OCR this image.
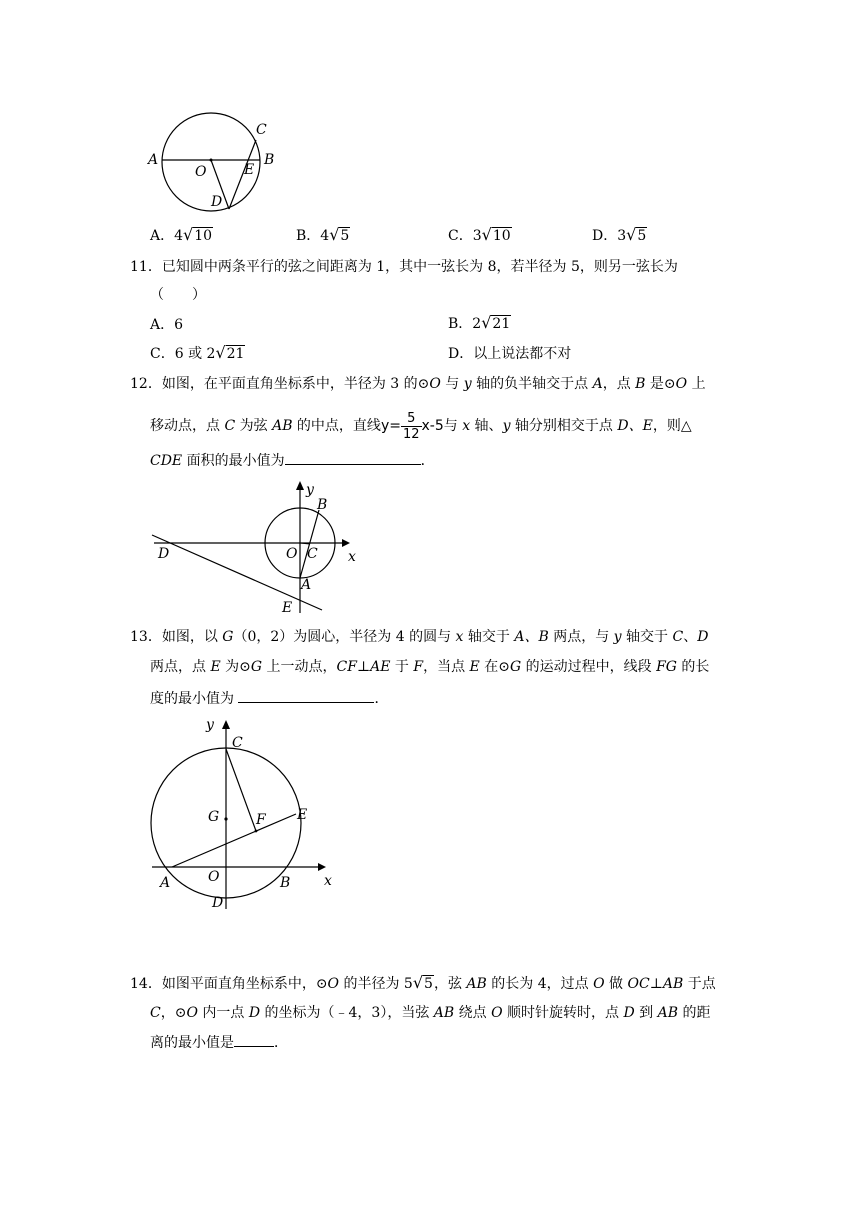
A
O
C
B
E
D
A．4√10	B．4√5	C．3√10	D．3√5
11．已知圆中两条平行的弦之间距离为 1，其中一弦长为 8，若半径为 5，则另一弦长为
（　　）
A．6	B．2√21
C．6 或 2√21	D．以上说法都不对
12．如图，在平面直角坐标系中，半径为 3 的⊙O 与 y 轴的负半轴交于点 A，点 B 是⊙O 上
移动点，点 C 为弦 AB 的中点，直线$y= \frac{5}{12} x-5$与 x 轴、y 轴分别相交于点 D、E，则△
CDE 面积的最小值为	．
y
B
D	O C x
A
E
13．如图，以 G（0，2）为圆心，半径为 4 的圆与 x 轴交于 A、B 两点，与 y 轴交于 C、D
两点，点 E 为⊙G 上一动点，CF⊥AE 于 F，当点 E 在⊙G 的运动过程中，线段 FG 的长
度的最小值为	．
y
C
G	F E
A	O	B x
D
14．如图平面直角坐标系中，⊙O 的半径为 5√5，弦 AB 的长为 4，过点 O 做 OC⊥AB 于点
C，⊙O 内一点 D 的坐标为（﹣4，3），当弦 AB 绕点 O 顺时针旋转时，点 D 到 AB 的距
离的最小值是	．
